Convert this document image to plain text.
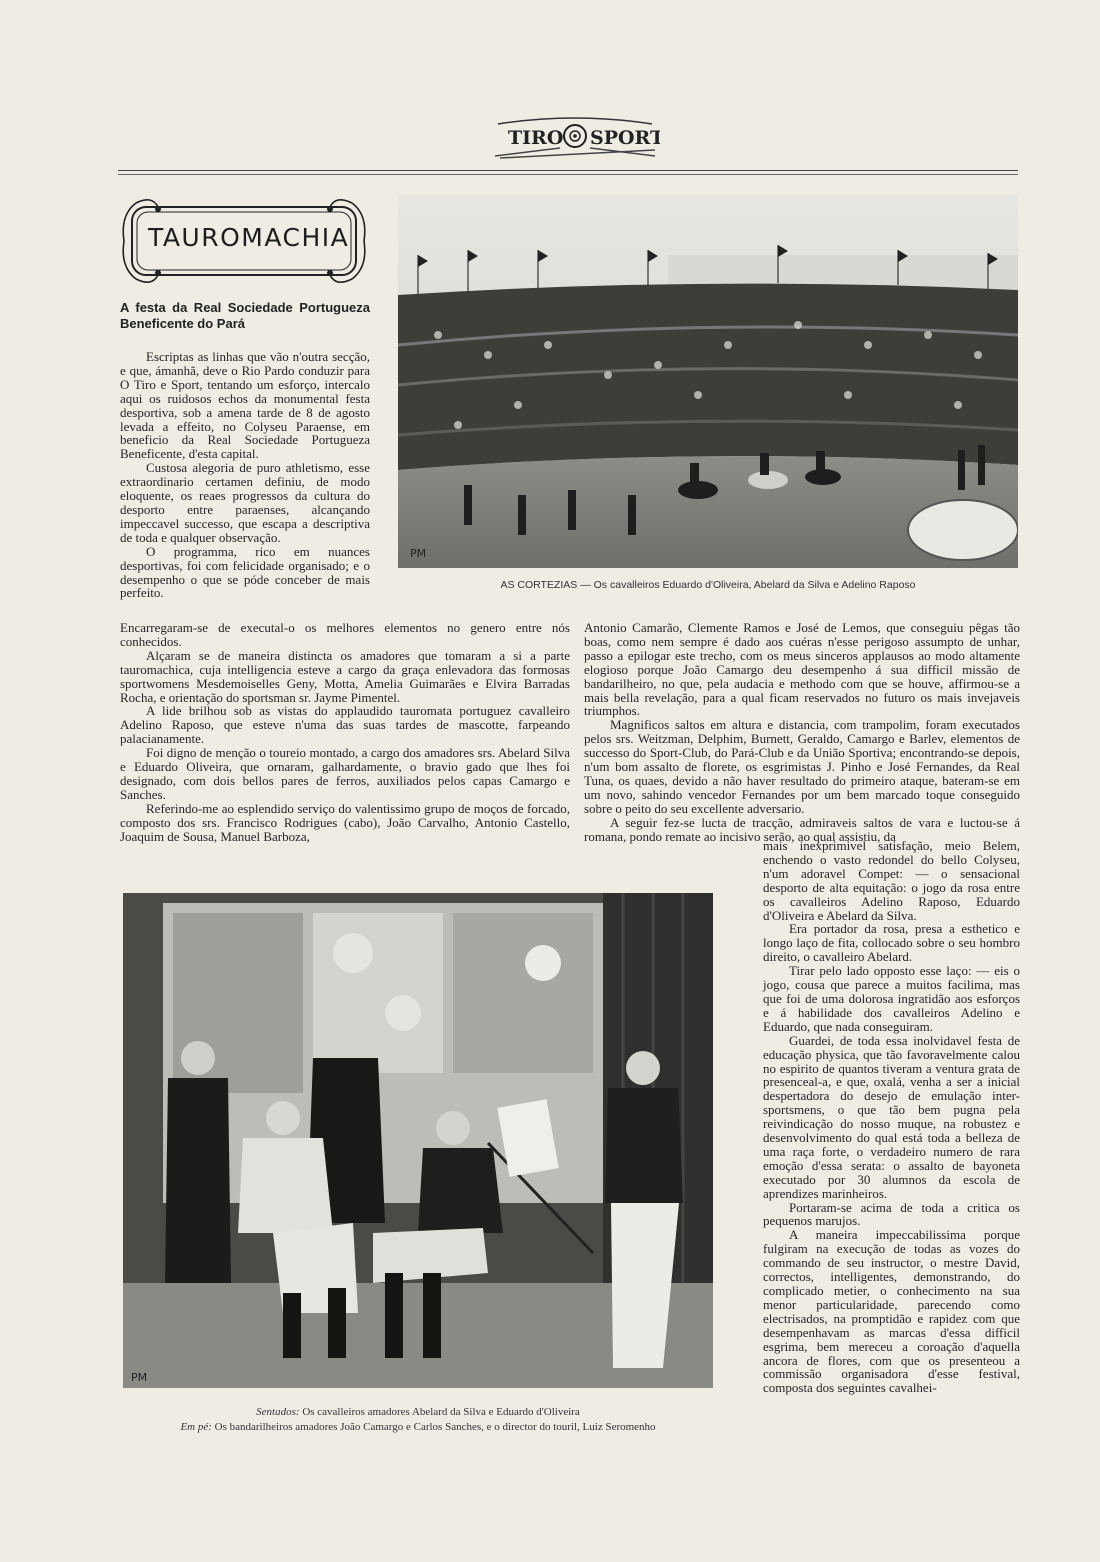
TIRO SPORT
TAUROMACHIA
A festa da Real Sociedade Portugueza Beneficente do Pará

Escriptas as linhas que vão n'outra secção, e que, ámanhã, deve o Rio Pardo conduzir para O Tiro e Sport, tentando um esforço, intercalo aqui os ruidosos echos da monumental festa desportiva, sob a amena tarde de 8 de agosto levada a effeito, no Colyseu Paraense, em beneficio da Real Sociedade Portugueza Beneficente, d'esta capital.

Custosa alegoria de puro athletismo, esse extraordinario certamen definiu, de modo eloquente, os reaes progressos da cultura do desporto entre paraenses, alcançando impeccavel successo, que escapa a descriptiva de toda e qualquer observação.

O programma, rico em nuances desportivas, foi com felicidade organisado; e o desempenho o que se póde conceber de mais perfeito.

PM
AS CORTEZIAS — Os cavalleiros Eduardo d'Oliveira, Abelard da Silva e Adelino Raposo

Encarregaram-se de executal-o os melhores elementos no genero entre nós conhecidos.

Alçaram se de maneira distincta os amadores que tomaram a si a parte tauromachica, cuja intelligencia esteve a cargo da graça enlevadora das formosas sportwomens Mesdemoiselles Geny, Motta, Amelia Guimarães e Elvira Barradas Rocha, e orientação do sportsman sr. Jayme Pimentel.

A lide brilhou sob as vistas do applaudido tauromata portuguez cavalleiro Adelino Raposo, que esteve n'uma das suas tardes de mascotte, farpeando palacianamente.

Foi digno de menção o toureio montado, a cargo dos amadores srs. Abelard Silva e Eduardo Oliveira, que ornaram, galhardamente, o bravio gado que lhes foi designado, com dois bellos pares de ferros, auxiliados pelos capas Camargo e Sanches.

Referindo-me ao esplendido serviço do valentissimo grupo de moços de forcado, composto dos srs. Francisco Rodrigues (cabo), João Carvalho, Antonio Castello, Joaquim de Sousa, Manuel Barboza,

Antonio Camarão, Clemente Ramos e José de Lemos, que conseguiu pêgas tão boas, como nem sempre é dado aos cuéras n'esse perigoso assumpto de unhar, passo a epilogar este trecho, com os meus sinceros applausos ao modo altamente elogioso porque João Camargo deu desempenho á sua difficil missão de bandarilheiro, no que, pela audacia e methodo com que se houve, affirmou-se a mais bella revelação, para a qual ficam reservados no futuro os mais invejaveis triumphos.

Magnificos saltos em altura e distancia, com trampolim, foram executados pelos srs. Weitzman, Delphim, Burnett, Geraldo, Camargo e Barlev, elementos de successo do Sport-Club, do Pará-Club e da União Sportiva; encontrando-se depois, n'um bom assalto de florete, os esgrimistas J. Pinho e José Fernandes, da Real Tuna, os quaes, devido a não haver resultado do primeiro ataque, bateram-se em um novo, sahindo vencedor Fernandes por um bem marcado toque conseguido sobre o peito do seu excellente adversario.

A seguir fez-se lucta de tracção, admiraveis saltos de vara e luctou-se á romana, pondo remate ao incisivo serão, ao qual assistiu, da

PM
Sentados: Os cavalleiros amadores Abelard da Silva e Eduardo d'Oliveira
Em pé: Os bandarilheiros amadores João Camargo e Carlos Sanches, e o director do touril, Luiz Seromenho

mais inexprimivel satisfação, meio Belem, enchendo o vasto redondel do bello Colyseu, n'um adoravel Compet: — o sensacional desporto de alta equitação: o jogo da rosa entre os cavalleiros Adelino Raposo, Eduardo d'Oliveira e Abelard da Silva.

Era portador da rosa, presa a esthetico e longo laço de fita, collocado sobre o seu hombro direito, o cavalleiro Abelard.

Tirar pelo lado opposto esse laço: — eis o jogo, cousa que parece a muitos facilima, mas que foi de uma dolorosa ingratidão aos esforços e á habilidade dos cavalleiros Adelino e Eduardo, que nada conseguiram.

Guardei, de toda essa inolvidavel festa de educação physica, que tão favoravelmente calou no espirito de quantos tiveram a ventura grata de presenceal-a, e que, oxalá, venha a ser a inicial despertadora do desejo de emulação inter-sportsmens, o que tão bem pugna pela reivindicação do nosso muque, na robustez e desenvolvimento do qual está toda a belleza de uma raça forte, o verdadeiro numero de rara emoção d'essa serata: o assalto de bayoneta executado por 30 alumnos da escola de aprendizes marinheiros.

Portaram-se acima de toda a critica os pequenos marujos.

A maneira impeccabilissima porque fulgiram na execução de todas as vozes do commando de seu instructor, o mestre David, correctos, intelligentes, demonstrando, do complicado metier, o conhecimento na sua menor particularidade, parecendo como electrisados, na promptidão e rapidez com que desempenhavam as marcas d'essa difficil esgrima, bem mereceu a coroação d'aquella ancora de flores, com que os presenteou a commissão organisadora d'esse festival, composta dos seguintes cavalhei-
